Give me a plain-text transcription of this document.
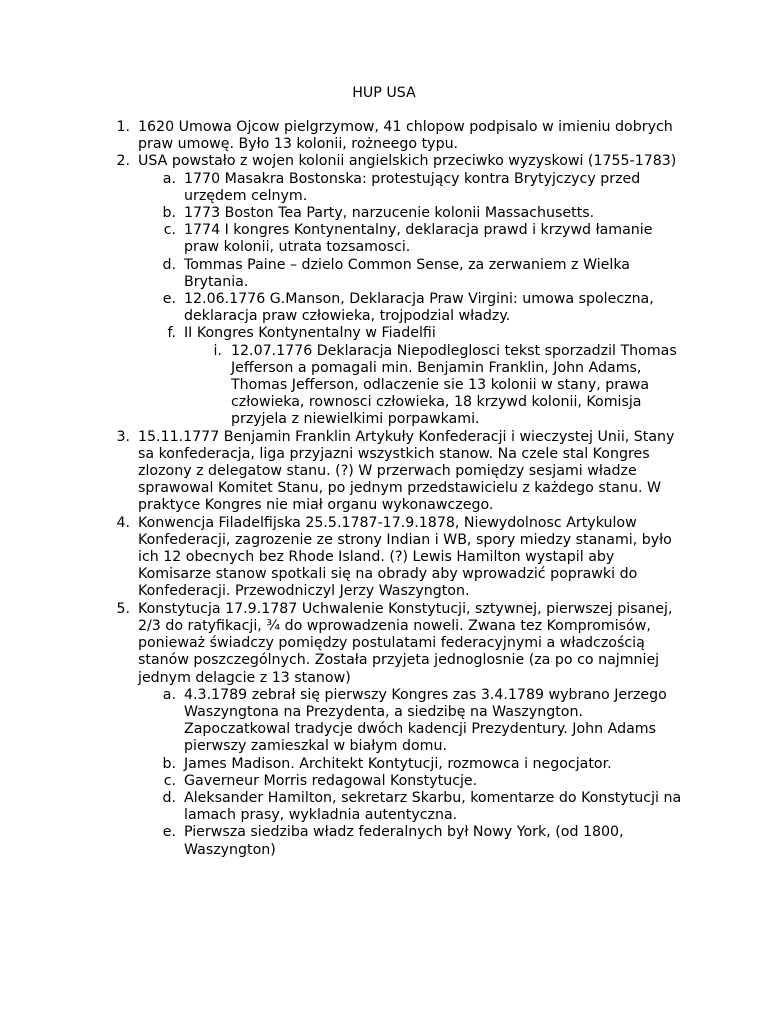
HUP USA
1. 1620 Umowa Ojcow pielgrzymow, 41 chlopow podpisalo w imieniu dobrych praw umowę. Było 13 kolonii, rożneego typu.
2. USA powstało z wojen kolonii angielskich przeciwko wyzyskowi (1755-1783)
a. 1770 Masakra Bostonska: protestujący kontra Brytyjczycy przed urzędem celnym.
b. 1773 Boston Tea Party, narzucenie kolonii Massachusetts.
c. 1774 I kongres Kontynentalny, deklaracja prawd i krzywd łamanie praw kolonii, utrata tozsamosci.
d. Tommas Paine – dzielo Common Sense, za zerwaniem z Wielka Brytania.
e. 12.06.1776 G.Manson, Deklaracja Praw Virgini: umowa spoleczna, deklaracja praw człowieka, trojpodzial władzy.
f. II Kongres Kontynentalny w Fiadelfii
i. 12.07.1776 Deklaracja Niepodleglosci tekst sporzadzil Thomas Jefferson a pomagali min. Benjamin Franklin, John Adams, Thomas Jefferson, odlaczenie sie 13 kolonii w stany, prawa człowieka, rownosci człowieka, 18 krzywd kolonii, Komisja przyjela z niewielkimi porpawkami.
3. 15.11.1777 Benjamin Franklin Artykuły Konfederacji i wieczystej Unii, Stany sa konfederacja, liga przyjazni wszystkich stanow. Na czele stal Kongres zlozony z delegatow stanu. (?) W przerwach pomiędzy sesjami władze sprawowal Komitet Stanu, po jednym przedstawicielu z każdego stanu. W praktyce Kongres nie miał organu wykonawczego.
4. Konwencja Filadelfijska 25.5.1787-17.9.1878, Niewydolnosc Artykulow Konfederacji, zagrozenie ze strony Indian i WB, spory miedzy stanami, było ich 12 obecnych bez Rhode Island. (?) Lewis Hamilton wystapil aby Komisarze stanow spotkali się na obrady aby wprowadzić poprawki do Konfederacji. Przewodniczyl Jerzy Waszyngton.
5. Konstytucja 17.9.1787 Uchwalenie Konstytucji, sztywnej, pierwszej pisanej, 2/3 do ratyfikacji, ¾ do wprowadzenia noweli. Zwana tez Kompromisów, ponieważ świadczy pomiędzy postulatami federacyjnymi a władczością stanów poszczególnych. Została przyjeta jednoglosnie (za po co najmniej jednym delagcie z 13 stanow)
a. 4.3.1789 zebrał się pierwszy Kongres zas 3.4.1789 wybrano Jerzego Waszyngtona na Prezydenta, a siedzibę na Waszyngton. Zapoczatkowal tradycje dwóch kadencji Prezydentury. John Adams pierwszy zamieszkal w białym domu.
b. James Madison. Architekt Kontytucji, rozmowca i negocjator.
c. Gaverneur Morris redagowal Konstytucje.
d. Aleksander Hamilton, sekretarz Skarbu, komentarze do Konstytucji na lamach prasy, wykladnia autentyczna.
e. Pierwsza siedziba władz federalnych był Nowy York, (od 1800, Waszyngton)
